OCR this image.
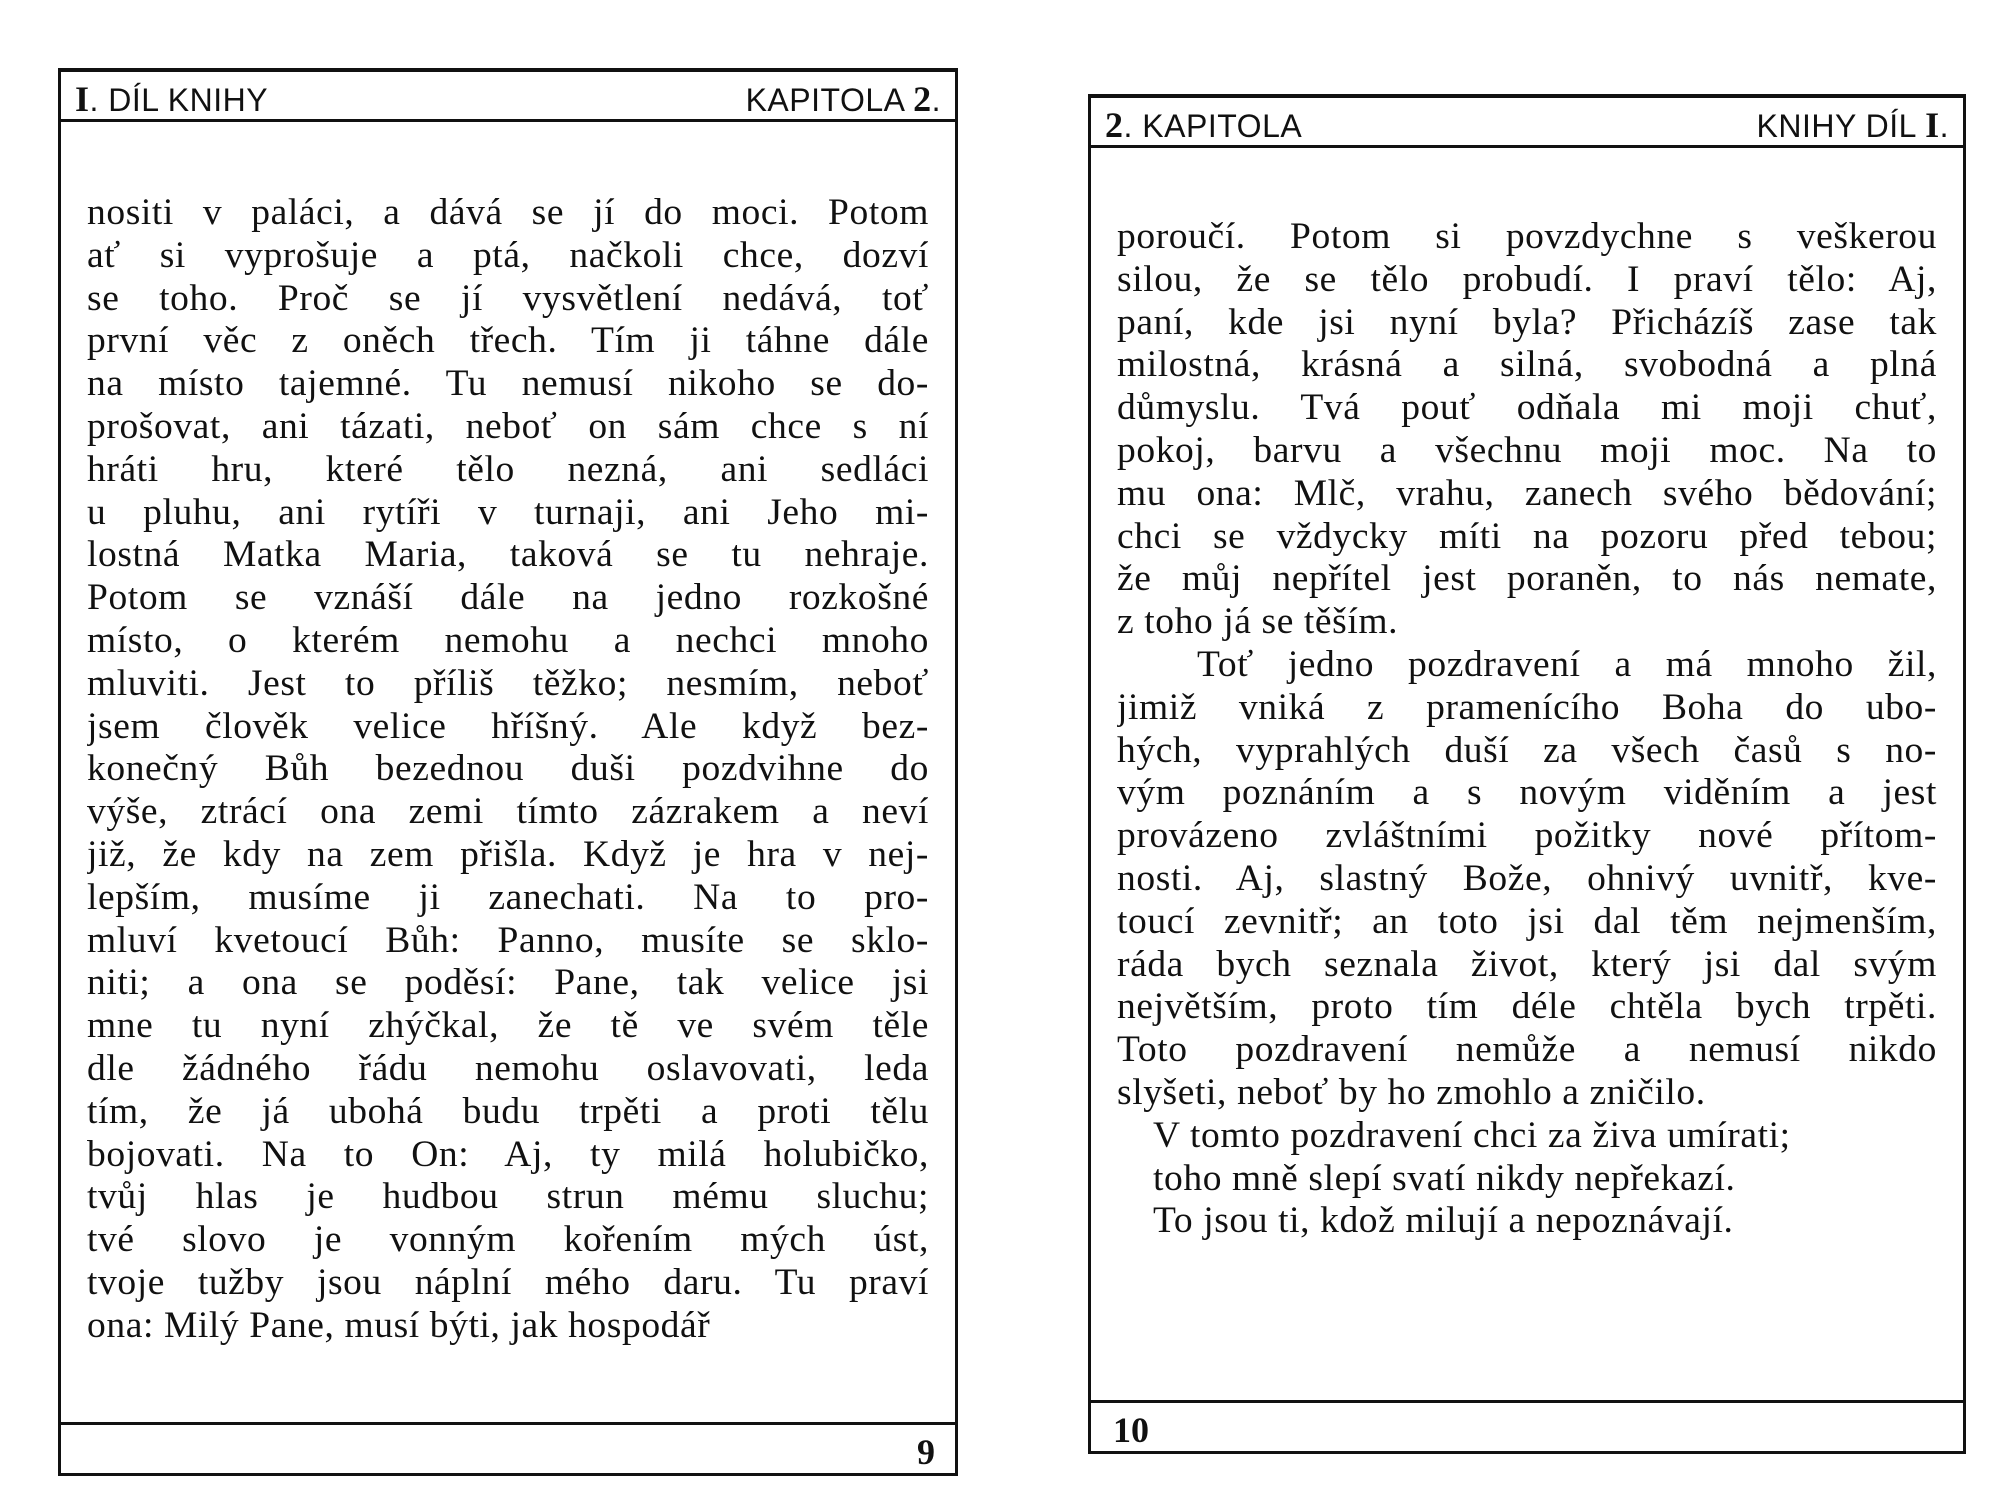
I. DÍL KNIHY	KAPITOLA 2.
nositi v paláci, a dává se jí do moci. Potom
ať si vyprošuje a ptá, načkoli chce, dozví
se toho. Proč se jí vysvětlení nedává, toť
první věc z oněch třech. Tím ji táhne dále
na místo tajemné. Tu nemusí nikoho se do-
prošovat, ani tázati, neboť on sám chce s ní
hráti hru, které tělo nezná, ani sedláci
u pluhu, ani rytíři v turnaji, ani Jeho mi-
lostná Matka Maria, taková se tu nehraje.
Potom se vznáší dále na jedno rozkošné
místo, o kterém nemohu a nechci mnoho
mluviti. Jest to příliš těžko; nesmím, neboť
jsem člověk velice hříšný. Ale když bez-
konečný Bůh bezednou duši pozdvihne do
výše, ztrácí ona zemi tímto zázrakem a neví
již, že kdy na zem přišla. Když je hra v nej-
lepším, musíme ji zanechati. Na to pro-
mluví kvetoucí Bůh: Panno, musíte se sklo-
niti; a ona se poděsí: Pane, tak velice jsi
mne tu nyní zhýčkal, že tě ve svém těle
dle žádného řádu nemohu oslavovati, leda
tím, že já ubohá budu trpěti a proti tělu
bojovati. Na to On: Aj, ty milá holubičko,
tvůj hlas je hudbou strun mému sluchu;
tvé slovo je vonným kořením mých úst,
tvoje tužby jsou náplní mého daru. Tu praví
ona: Milý Pane, musí býti, jak hospodář
9
2. KAPITOLA	KNIHY DÍL I.
poroučí. Potom si povzdychne s veškerou
silou, že se tělo probudí. I praví tělo: Aj,
paní, kde jsi nyní byla? Přicházíš zase tak
milostná, krásná a silná, svobodná a plná
důmyslu. Tvá pouť odňala mi moji chuť,
pokoj, barvu a všechnu moji moc. Na to
mu ona: Mlč, vrahu, zanech svého bědování;
chci se vždycky míti na pozoru před tebou;
že můj nepřítel jest poraněn, to nás nemate,
z toho já se těším.
Toť jedno pozdravení a má mnoho žil,
jimiž vniká z pramenícího Boha do ubo-
hých, vyprahlých duší za všech časů s no-
vým poznáním a s novým viděním a jest
provázeno zvláštními požitky nové přítom-
nosti. Aj, slastný Bože, ohnivý uvnitř, kve-
toucí zevnitř; an toto jsi dal těm nejmenším,
ráda bych seznala život, který jsi dal svým
největším, proto tím déle chtěla bych trpěti.
Toto pozdravení nemůže a nemusí nikdo
slyšeti, neboť by ho zmohlo a zničilo.
V tomto pozdravení chci za živa umírati;
toho mně slepí svatí nikdy nepřekazí.
To jsou ti, kdož milují a nepoznávají.
10
